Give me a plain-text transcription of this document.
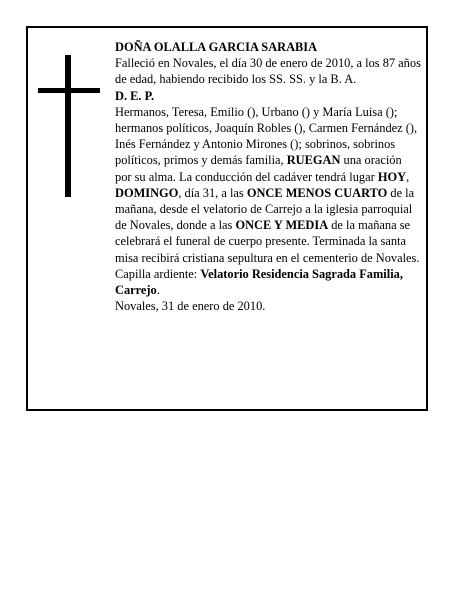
DOÑA OLALLA GARCIA SARABIA

Falleció en Novales, el día 30 de enero de 2010, a los 87 años de edad, habiendo recibido los SS. SS. y la B. A.

D. E. P.

Hermanos, Teresa, Emilio (), Urbano () y María Luisa (); hermanos políticos, Joaquín Robles (), Carmen Fernández (), Inés Fernández y Antonio Mirones (); sobrinos, sobrinos políticos, primos y demás familia, RUEGAN una oración por su alma. La conducción del cadáver tendrá lugar HOY, DOMINGO, día 31, a las ONCE MENOS CUARTO de la mañana, desde el velatorio de Carrejo a la iglesia parroquial de Novales, donde a las ONCE Y MEDIA de la mañana se celebrará el funeral de cuerpo presente. Terminada la santa misa recibirá cristiana sepultura en el cementerio de Novales. Capilla ardiente: Velatorio Residencia Sagrada Familia, Carrejo.

Novales, 31 de enero de 2010.
